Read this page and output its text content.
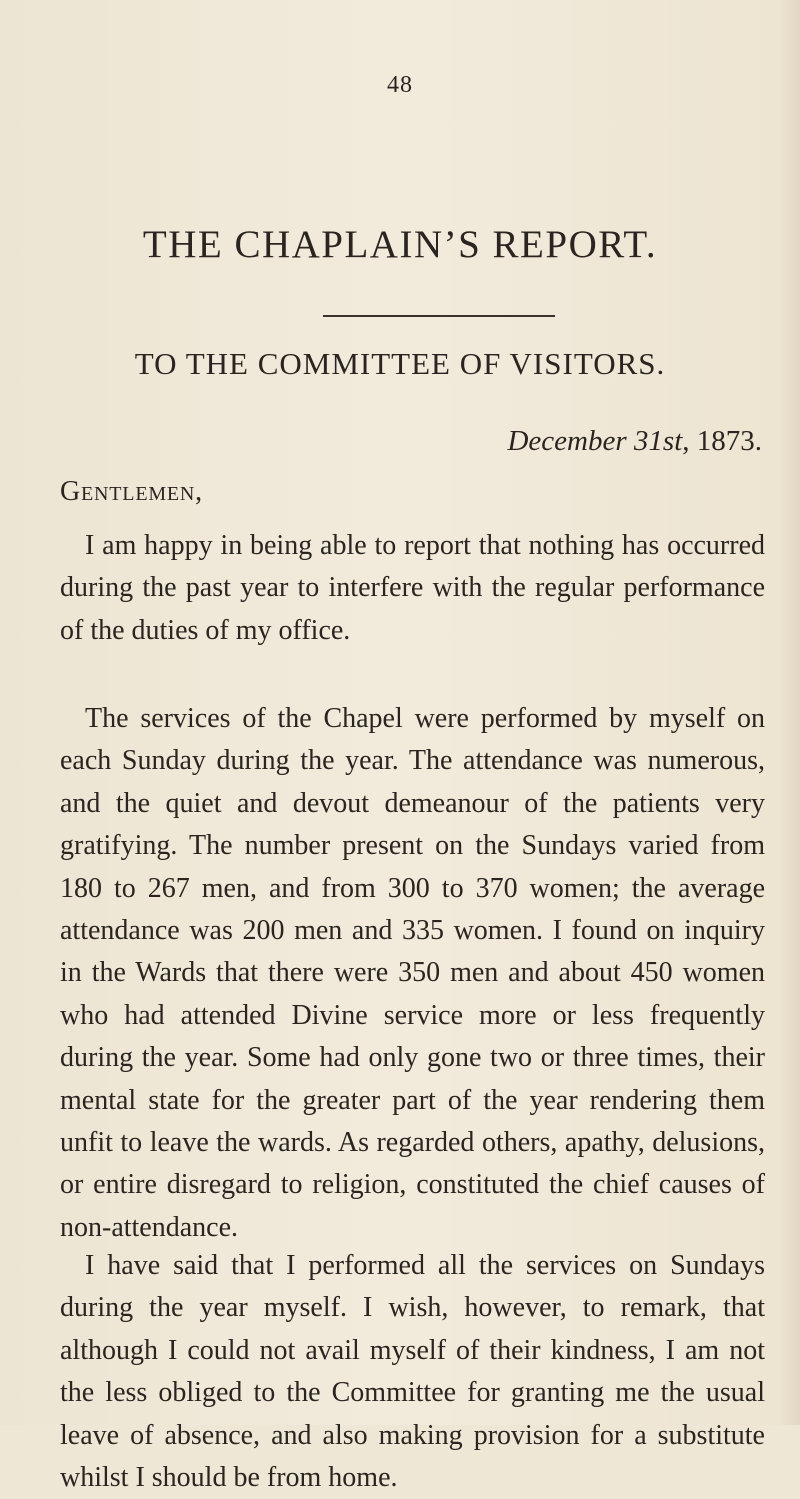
48
THE CHAPLAIN’S REPORT.
TO THE COMMITTEE OF VISITORS.
December 31st, 1873.
Gentlemen,

I am happy in being able to report that nothing has occurred during the past year to interfere with the regular performance of the duties of my office.

The services of the Chapel were performed by myself on each Sunday during the year. The attendance was numerous, and the quiet and devout demeanour of the patients very gratifying. The number present on the Sundays varied from 180 to 267 men, and from 300 to 370 women; the average attendance was 200 men and 335 women. I found on inquiry in the Wards that there were 350 men and about 450 women who had attended Divine service more or less frequently during the year. Some had only gone two or three times, their mental state for the greater part of the year rendering them unfit to leave the wards. As regarded others, apathy, delusions, or entire disregard to religion, constituted the chief causes of non-attendance.

I have said that I performed all the services on Sundays during the year myself. I wish, however, to remark, that although I could not avail myself of their kindness, I am not the less obliged to the Committee for granting me the usual leave of absence, and also making provision for a substitute whilst I should be from home.
